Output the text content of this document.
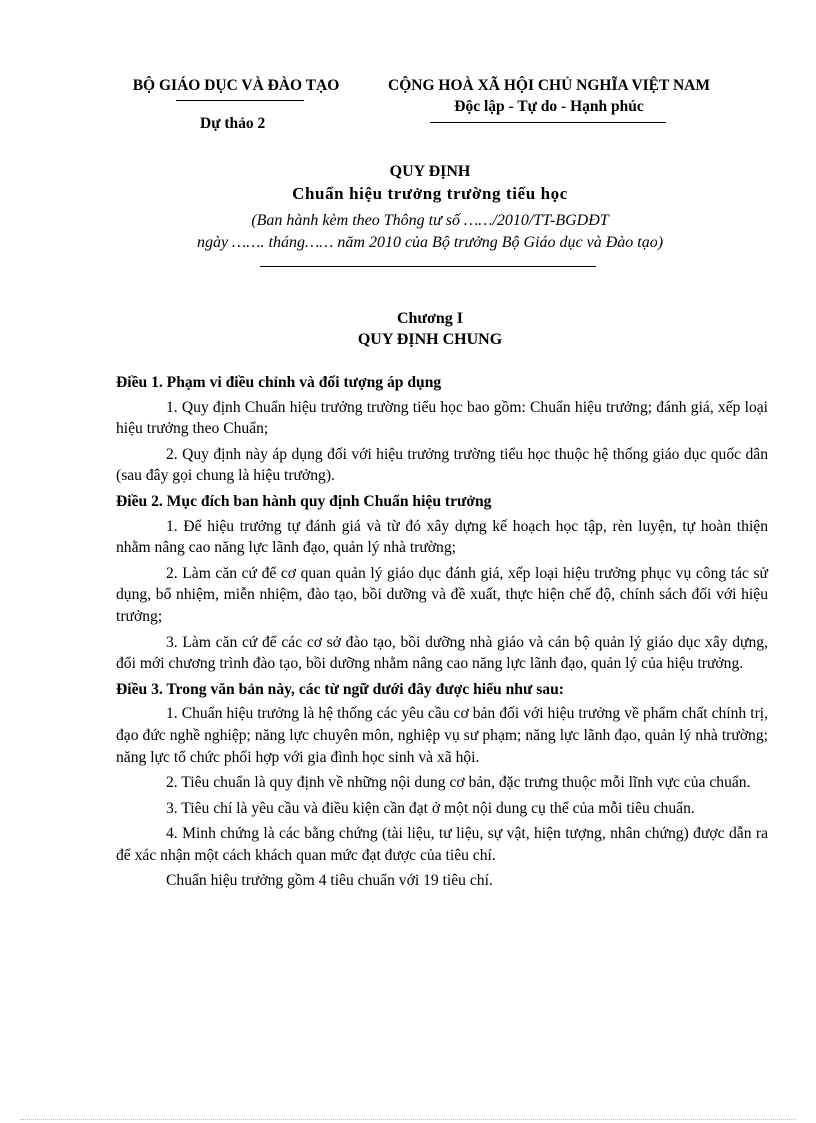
BỘ GIÁO DỤC VÀ ĐÀO TẠO	CỘNG HOÀ XÃ HỘI CHỦ NGHĨA VIỆT NAM
Độc lập - Tự do - Hạnh phúc
Dự thảo 2
QUY ĐỊNH
Chuẩn hiệu trưởng trường tiểu học
(Ban hành kèm theo Thông tư số ……/2010/TT-BGDĐT
ngày ……. tháng…… năm 2010 của Bộ trưởng Bộ Giáo dục và Đào tạo)
Chương I
QUY ĐỊNH CHUNG
Điều 1. Phạm vi điều chỉnh và đối tượng áp dụng
1. Quy định Chuẩn hiệu trưởng trường tiểu học bao gồm: Chuẩn hiệu trưởng; đánh giá, xếp loại hiệu trưởng theo Chuẩn;
2. Quy định này áp dụng đối với hiệu trưởng trường tiểu học thuộc hệ thống giáo dục quốc dân (sau đây gọi chung là hiệu trưởng).
Điều 2. Mục đích ban hành quy định Chuẩn hiệu trưởng
1. Để hiệu trưởng tự đánh giá và từ đó xây dựng kế hoạch học tập, rèn luyện, tự hoàn thiện nhằm nâng cao năng lực lãnh đạo, quản lý nhà trường;
2. Làm căn cứ để cơ quan quản lý giáo dục đánh giá, xếp loại hiệu trưởng phục vụ công tác sử dụng, bổ nhiệm, miễn nhiệm, đào tạo, bồi dưỡng và đề xuất, thực hiện chế độ, chính sách đối với hiệu trưởng;
3. Làm căn cứ để các cơ sở đào tạo, bồi dưỡng nhà giáo và cán bộ quản lý giáo dục xây dựng, đổi mới chương trình đào tạo, bồi dưỡng nhằm nâng cao năng lực lãnh đạo, quản lý của hiệu trưởng.
Điều 3. Trong văn bản này, các từ ngữ dưới đây được hiểu như sau:
1. Chuẩn hiệu trưởng là hệ thống các yêu cầu cơ bản đối với hiệu trưởng về phẩm chất chính trị, đạo đức nghề nghiệp; năng lực chuyên môn, nghiệp vụ sư phạm; năng lực lãnh đạo, quản lý nhà trường; năng lực tổ chức phối hợp với gia đình học sinh và xã hội.
2. Tiêu chuẩn là quy định về những nội dung cơ bản, đặc trưng thuộc mỗi lĩnh vực của chuẩn.
3. Tiêu chí là yêu cầu và điều kiện cần đạt ở một nội dung cụ thể của mỗi tiêu chuẩn.
4. Minh chứng là các bằng chứng (tài liệu, tư liệu, sự vật, hiện tượng, nhân chứng) được dẫn ra để xác nhận một cách khách quan mức đạt được của tiêu chí.
Chuẩn hiệu trưởng gồm 4 tiêu chuẩn với 19 tiêu chí.
